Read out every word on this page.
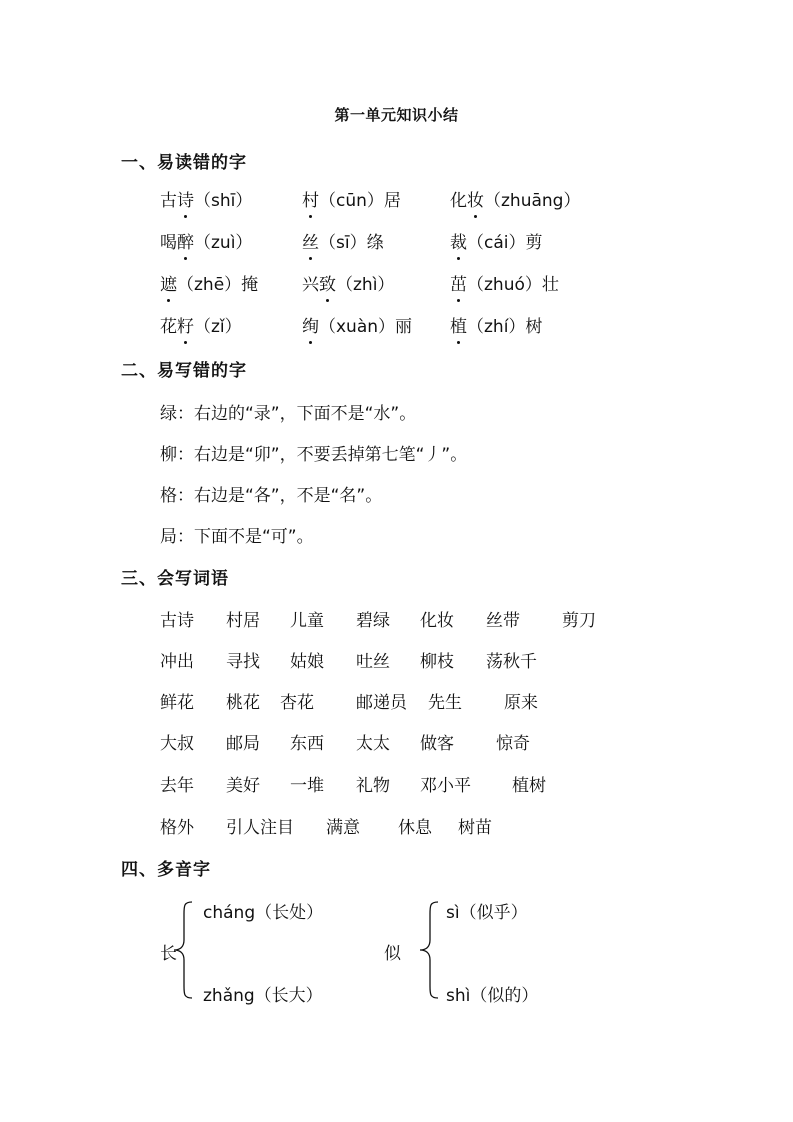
第一单元知识小结
一、易读错的字
古诗（shī）	村（cūn）居	化妆（zhuāng）
喝醉（zuì）	丝（sī）绦	裁（cái）剪
遮（zhē）掩	兴致（zhì）	茁（zhuó）壮
花籽（zǐ）	绚（xuàn）丽 植（zhí）树
二、易写错的字
绿：右边的“录”，下面不是“水”。
柳：右边是“卯”，不要丢掉第七笔“丿”。
格：右边是“各”，不是“名”。
局：下面不是“可”。
三、会写词语
古诗 村居 儿童 碧绿 化妆 丝带 剪刀
冲出 寻找 姑娘 吐丝 柳枝 荡秋千
鲜花 桃花 杏花 邮递员 先生 原来
大叔 邮局 东西 太太 做客 惊奇
去年 美好 一堆 礼物 邓小平 植树
格外 引人注目 满意 休息 树苗
四、多音字
长
cháng（长处）
zhǎng（长大）
似
sì（似乎）
shì（似的）
